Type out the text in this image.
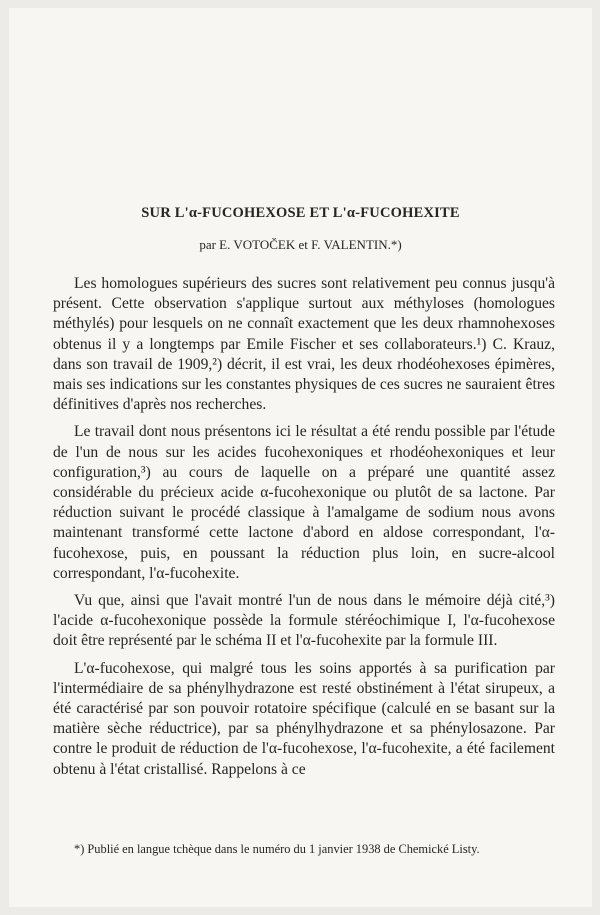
SUR L'α-FUCOHEXOSE ET L'α-FUCOHEXITE
par E. VOTOČEK et F. VALENTIN.*)

Les homologues supérieurs des sucres sont relativement peu connus jusqu'à présent. Cette observation s'applique surtout aux méthyloses (homologues méthylés) pour lesquels on ne connaît exactement que les deux rhamnohexoses obtenus il y a longtemps par Emile Fischer et ses collaborateurs.¹) C. Krauz, dans son travail de 1909,²) décrit, il est vrai, les deux rhodéohexoses épimères, mais ses indications sur les constantes physiques de ces sucres ne sauraient êtres définitives d'après nos recherches.

Le travail dont nous présentons ici le résultat a été rendu possible par l'étude de l'un de nous sur les acides fucohexoniques et rhodéohexoniques et leur configuration,³) au cours de laquelle on a préparé une quantité assez considérable du précieux acide α-fucohexonique ou plutôt de sa lactone. Par réduction suivant le procédé classique à l'amalgame de sodium nous avons maintenant transformé cette lactone d'abord en aldose correspondant, l'α-fucohexose, puis, en poussant la réduction plus loin, en sucre-alcool correspondant, l'α-fucohexite.

Vu que, ainsi que l'avait montré l'un de nous dans le mémoire déjà cité,³) l'acide α-fucohexonique possède la formule stéréochimique I, l'α-fucohexose doit être représenté par le schéma II et l'α-fucohexite par la formule III.

L'α-fucohexose, qui malgré tous les soins apportés à sa purification par l'intermédiaire de sa phénylhydrazone est resté obstinément à l'état sirupeux, a été caractérisé par son pouvoir rotatoire spécifique (calculé en se basant sur la matière sèche réductrice), par sa phénylhydrazone et sa phénylosazone. Par contre le produit de réduction de l'α-fucohexose, l'α-fucohexite, a été facilement obtenu à l'état cristallisé. Rappelons à ce

*) Publié en langue tchèque dans le numéro du 1 janvier 1938 de Chemické Listy.
